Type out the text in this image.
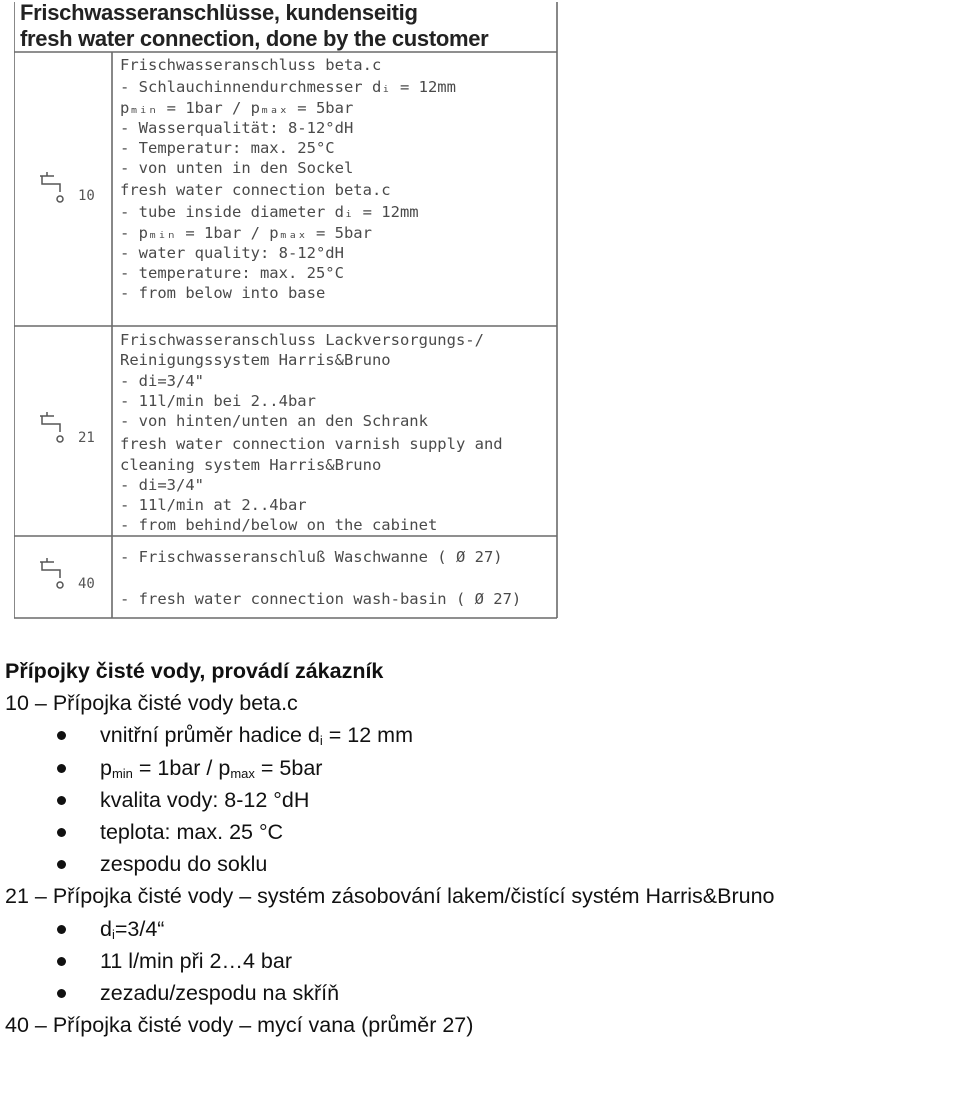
Frischwasseranschlüsse, kundenseitig
fresh water connection, done by the customer
10
Frischwasseranschluss beta.c
- Schlauchinnendurchmesser dᵢ = 12mm
pₘᵢₙ = 1bar / pₘₐₓ = 5bar
- Wasserqualität: 8-12°dH
- Temperatur: max. 25°C
- von unten in den Sockel
fresh water connection beta.c
- tube inside diameter dᵢ = 12mm
- pₘᵢₙ = 1bar / pₘₐₓ = 5bar
- water quality: 8-12°dH
- temperature: max. 25°C
- from below into base
21
Frischwasseranschluss Lackversorgungs-/
Reinigungssystem Harris&Bruno
- di=3/4"
- 11l/min bei 2..4bar
- von hinten/unten an den Schrank
fresh water connection varnish supply and
cleaning system Harris&Bruno
- di=3/4"
- 11l/min at 2..4bar
- from behind/below on the cabinet
40
- Frischwasseranschluß Waschwanne ( Ø 27)
- fresh water connection wash-basin ( Ø 27)

Přípojky čisté vody, provádí zákazník

10 – Přípojka čisté vody beta.c

vnitřní průměr hadice $d_i = 12$ mm
$p_{min} = 1bar / p_{max} = 5bar$
kvalita vody: 8-12 °dH
teplota: max. 25 °C
zespodu do soklu

21 – Přípojka čisté vody – systém zásobování lakem/čistící systém Harris&Bruno

$d_i=3/4“$
11 l/min při 2…4 bar
zezadu/zespodu na skříň

40 – Přípojka čisté vody – mycí vana (průměr 27)
